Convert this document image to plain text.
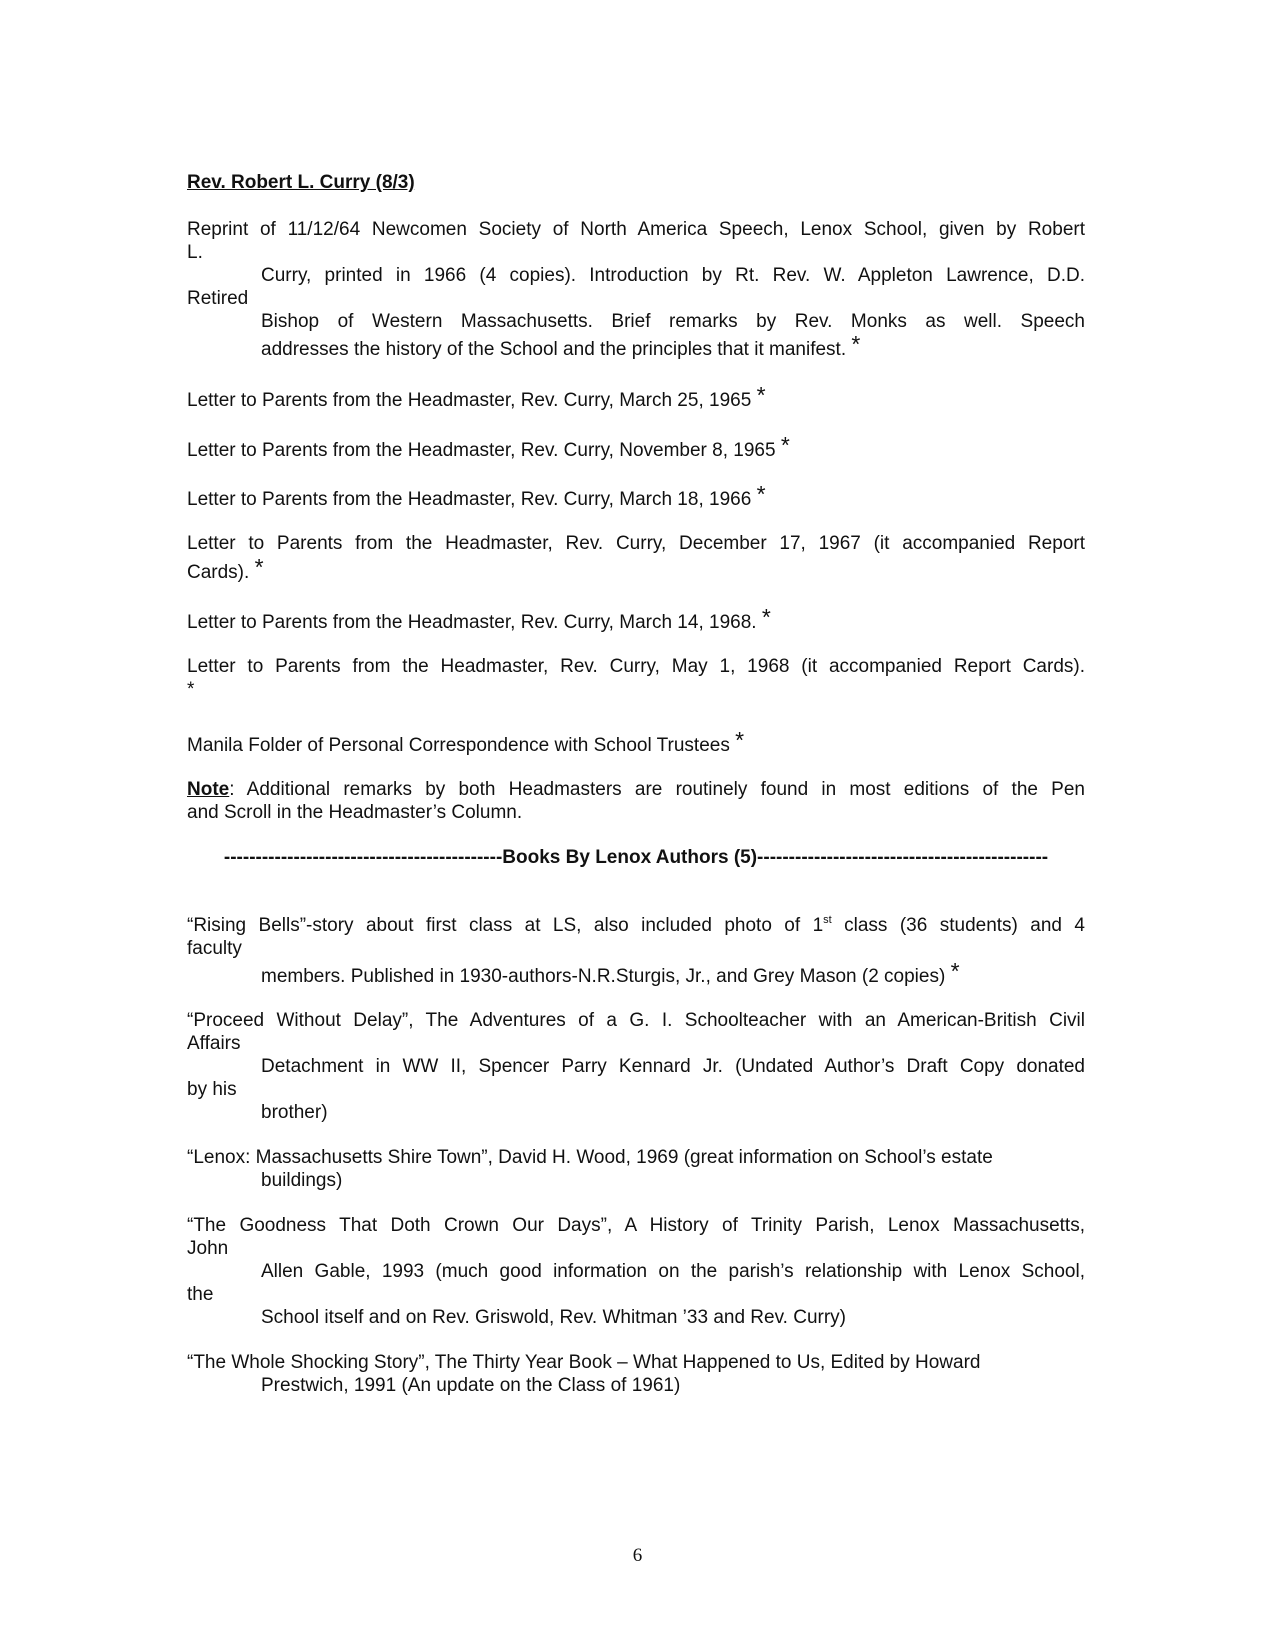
Rev. Robert L. Curry (8/3)
Reprint of 11/12/64 Newcomen Society of North America Speech, Lenox School, given by Robert
L.
Curry, printed in 1966 (4 copies). Introduction by Rt. Rev. W. Appleton Lawrence, D.D.
Retired
Bishop of Western Massachusetts. Brief remarks by Rev. Monks as well. Speech
addresses the history of the School and the principles that it manifest. *
Letter to Parents from the Headmaster, Rev. Curry, March 25, 1965 *
Letter to Parents from the Headmaster, Rev. Curry, November 8, 1965 *
Letter to Parents from the Headmaster, Rev. Curry, March 18, 1966 *
Letter to Parents from the Headmaster, Rev. Curry, December 17, 1967 (it accompanied Report
Cards). *
Letter to Parents from the Headmaster, Rev. Curry, March 14, 1968. *
Letter to Parents from the Headmaster, Rev. Curry, May 1, 1968 (it accompanied Report Cards).
*
Manila Folder of Personal Correspondence with School Trustees *
Note: Additional remarks by both Headmasters are routinely found in most editions of the Pen
and Scroll in the Headmaster’s Column.
--------------------------------------------Books By Lenox Authors (5)----------------------------------------------
“Rising Bells”-story about first class at LS, also included photo of 1st class (36 students) and 4
faculty
members. Published in 1930-authors-N.R.Sturgis, Jr., and Grey Mason (2 copies) *
“Proceed Without Delay”, The Adventures of a G. I. Schoolteacher with an American-British Civil
Affairs
Detachment in WW II, Spencer Parry Kennard Jr. (Undated Author’s Draft Copy donated
by his
brother)
“Lenox: Massachusetts Shire Town”, David H. Wood, 1969 (great information on School’s estate
buildings)
“The Goodness That Doth Crown Our Days”, A History of Trinity Parish, Lenox Massachusetts,
John
Allen Gable, 1993 (much good information on the parish’s relationship with Lenox School,
the
School itself and on Rev. Griswold, Rev. Whitman ’33 and Rev. Curry)
“The Whole Shocking Story”, The Thirty Year Book – What Happened to Us, Edited by Howard
Prestwich, 1991 (An update on the Class of 1961)
6
